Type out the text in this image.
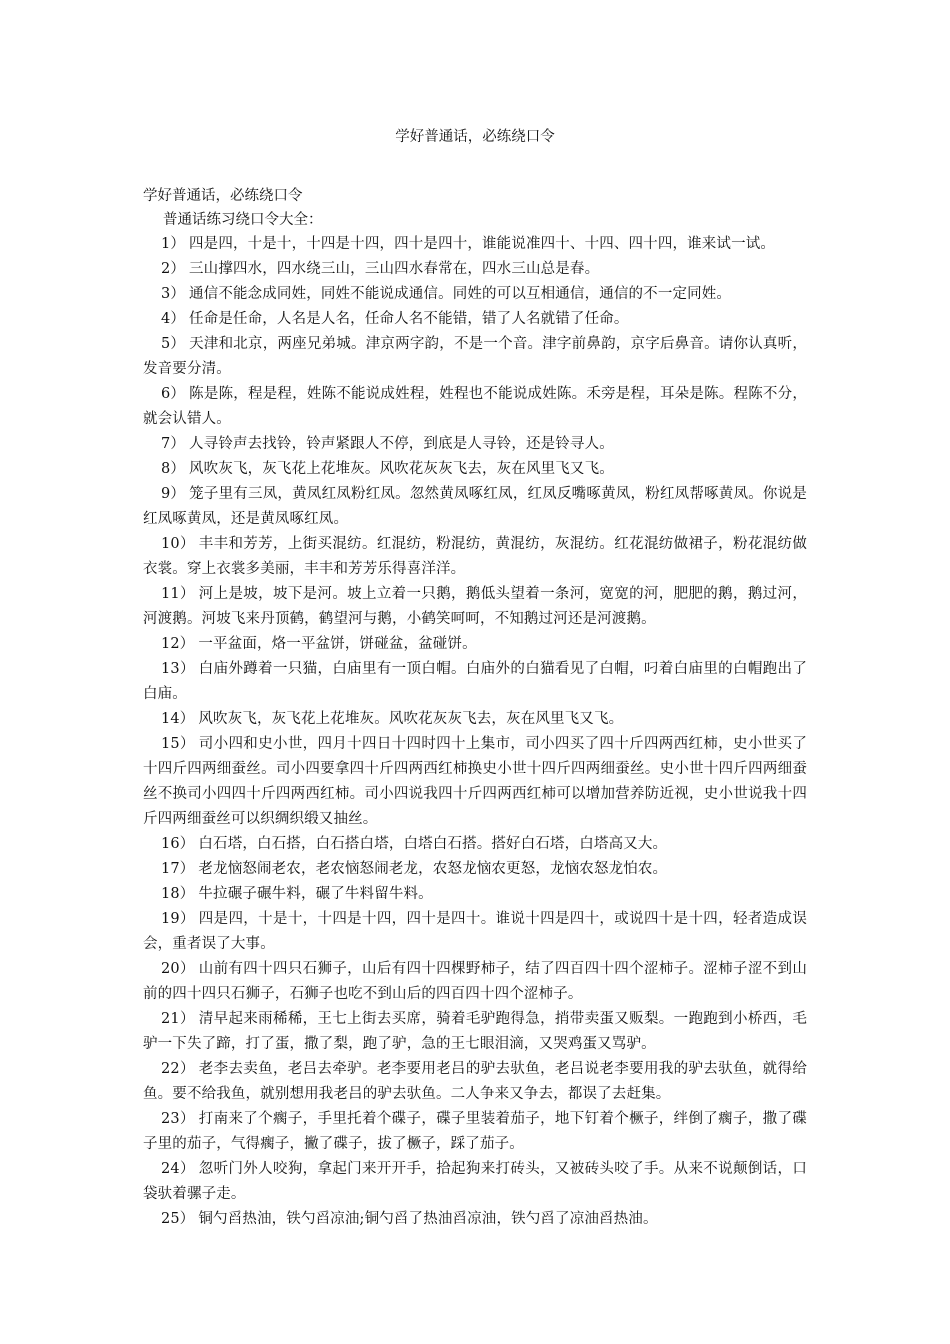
学好普通话，必练绕口令

学好普通话，必练绕口令

普通话练习绕口令大全：

1） 四是四，十是十，十四是十四，四十是四十，谁能说准四十、十四、四十四，谁来试一试。

2） 三山撑四水，四水绕三山，三山四水春常在，四水三山总是春。

3） 通信不能念成同姓，同姓不能说成通信。同姓的可以互相通信，通信的不一定同姓。

4） 任命是任命，人名是人名，任命人名不能错，错了人名就错了任命。

5） 天津和北京，两座兄弟城。津京两字韵，不是一个音。津字前鼻韵，京字后鼻音。请你认真听，发音要分清。

6） 陈是陈，程是程，姓陈不能说成姓程，姓程也不能说成姓陈。禾旁是程，耳朵是陈。程陈不分，就会认错人。

7） 人寻铃声去找铃，铃声紧跟人不停，到底是人寻铃，还是铃寻人。

8） 风吹灰飞，灰飞花上花堆灰。风吹花灰灰飞去，灰在风里飞又飞。

9） 笼子里有三凤，黄凤红凤粉红凤。忽然黄凤啄红凤，红凤反嘴啄黄凤，粉红凤帮啄黄凤。你说是红凤啄黄凤，还是黄凤啄红凤。

10） 丰丰和芳芳，上街买混纺。红混纺，粉混纺，黄混纺，灰混纺。红花混纺做裙子，粉花混纺做衣裳。穿上衣裳多美丽，丰丰和芳芳乐得喜洋洋。

11） 河上是坡，坡下是河。坡上立着一只鹅，鹅低头望着一条河，宽宽的河，肥肥的鹅，鹅过河，河渡鹅。河坡飞来丹顶鹤，鹤望河与鹅，小鹤笑呵呵，不知鹅过河还是河渡鹅。

12） 一平盆面，烙一平盆饼，饼碰盆，盆碰饼。

13） 白庙外蹲着一只猫，白庙里有一顶白帽。白庙外的白猫看见了白帽，叼着白庙里的白帽跑出了白庙。

14） 风吹灰飞，灰飞花上花堆灰。风吹花灰灰飞去，灰在风里飞又飞。

15） 司小四和史小世，四月十四日十四时四十上集市，司小四买了四十斤四两西红柿，史小世买了十四斤四两细蚕丝。司小四要拿四十斤四两西红柿换史小世十四斤四两细蚕丝。史小世十四斤四两细蚕丝不换司小四四十斤四两西红柿。司小四说我四十斤四两西红柿可以增加营养防近视，史小世说我十四斤四两细蚕丝可以织绸织缎又抽丝。

16） 白石塔，白石搭，白石搭白塔，白塔白石搭。搭好白石塔，白塔高又大。

17） 老龙恼怒闹老农，老农恼怒闹老龙，农怒龙恼农更怒，龙恼农怒龙怕农。

18） 牛拉碾子碾牛料，碾了牛料留牛料。

19） 四是四，十是十，十四是十四，四十是四十。谁说十四是四十，或说四十是十四，轻者造成误会，重者误了大事。

20） 山前有四十四只石狮子，山后有四十四棵野柿子，结了四百四十四个涩柿子。涩柿子涩不到山前的四十四只石狮子，石狮子也吃不到山后的四百四十四个涩柿子。

21） 清早起来雨稀稀，王七上街去买席，骑着毛驴跑得急，捎带卖蛋又贩梨。一跑跑到小桥西，毛驴一下失了蹄，打了蛋，撒了梨，跑了驴，急的王七眼泪滴，又哭鸡蛋又骂驴。

22） 老李去卖鱼，老吕去牵驴。老李要用老吕的驴去驮鱼，老吕说老李要用我的驴去驮鱼，就得给鱼。要不给我鱼，就别想用我老吕的驴去驮鱼。二人争来又争去，都误了去赶集。

23） 打南来了个瘸子，手里托着个碟子，碟子里装着茄子，地下钉着个橛子，绊倒了瘸子，撒了碟子里的茄子，气得瘸子，撇了碟子，拔了橛子，踩了茄子。

24） 忽听门外人咬狗，拿起门来开开手，拾起狗来打砖头，又被砖头咬了手。从来不说颠倒话，口袋驮着骡子走。

25） 铜勺舀热油，铁勺舀凉油;铜勺舀了热油舀凉油，铁勺舀了凉油舀热油。
